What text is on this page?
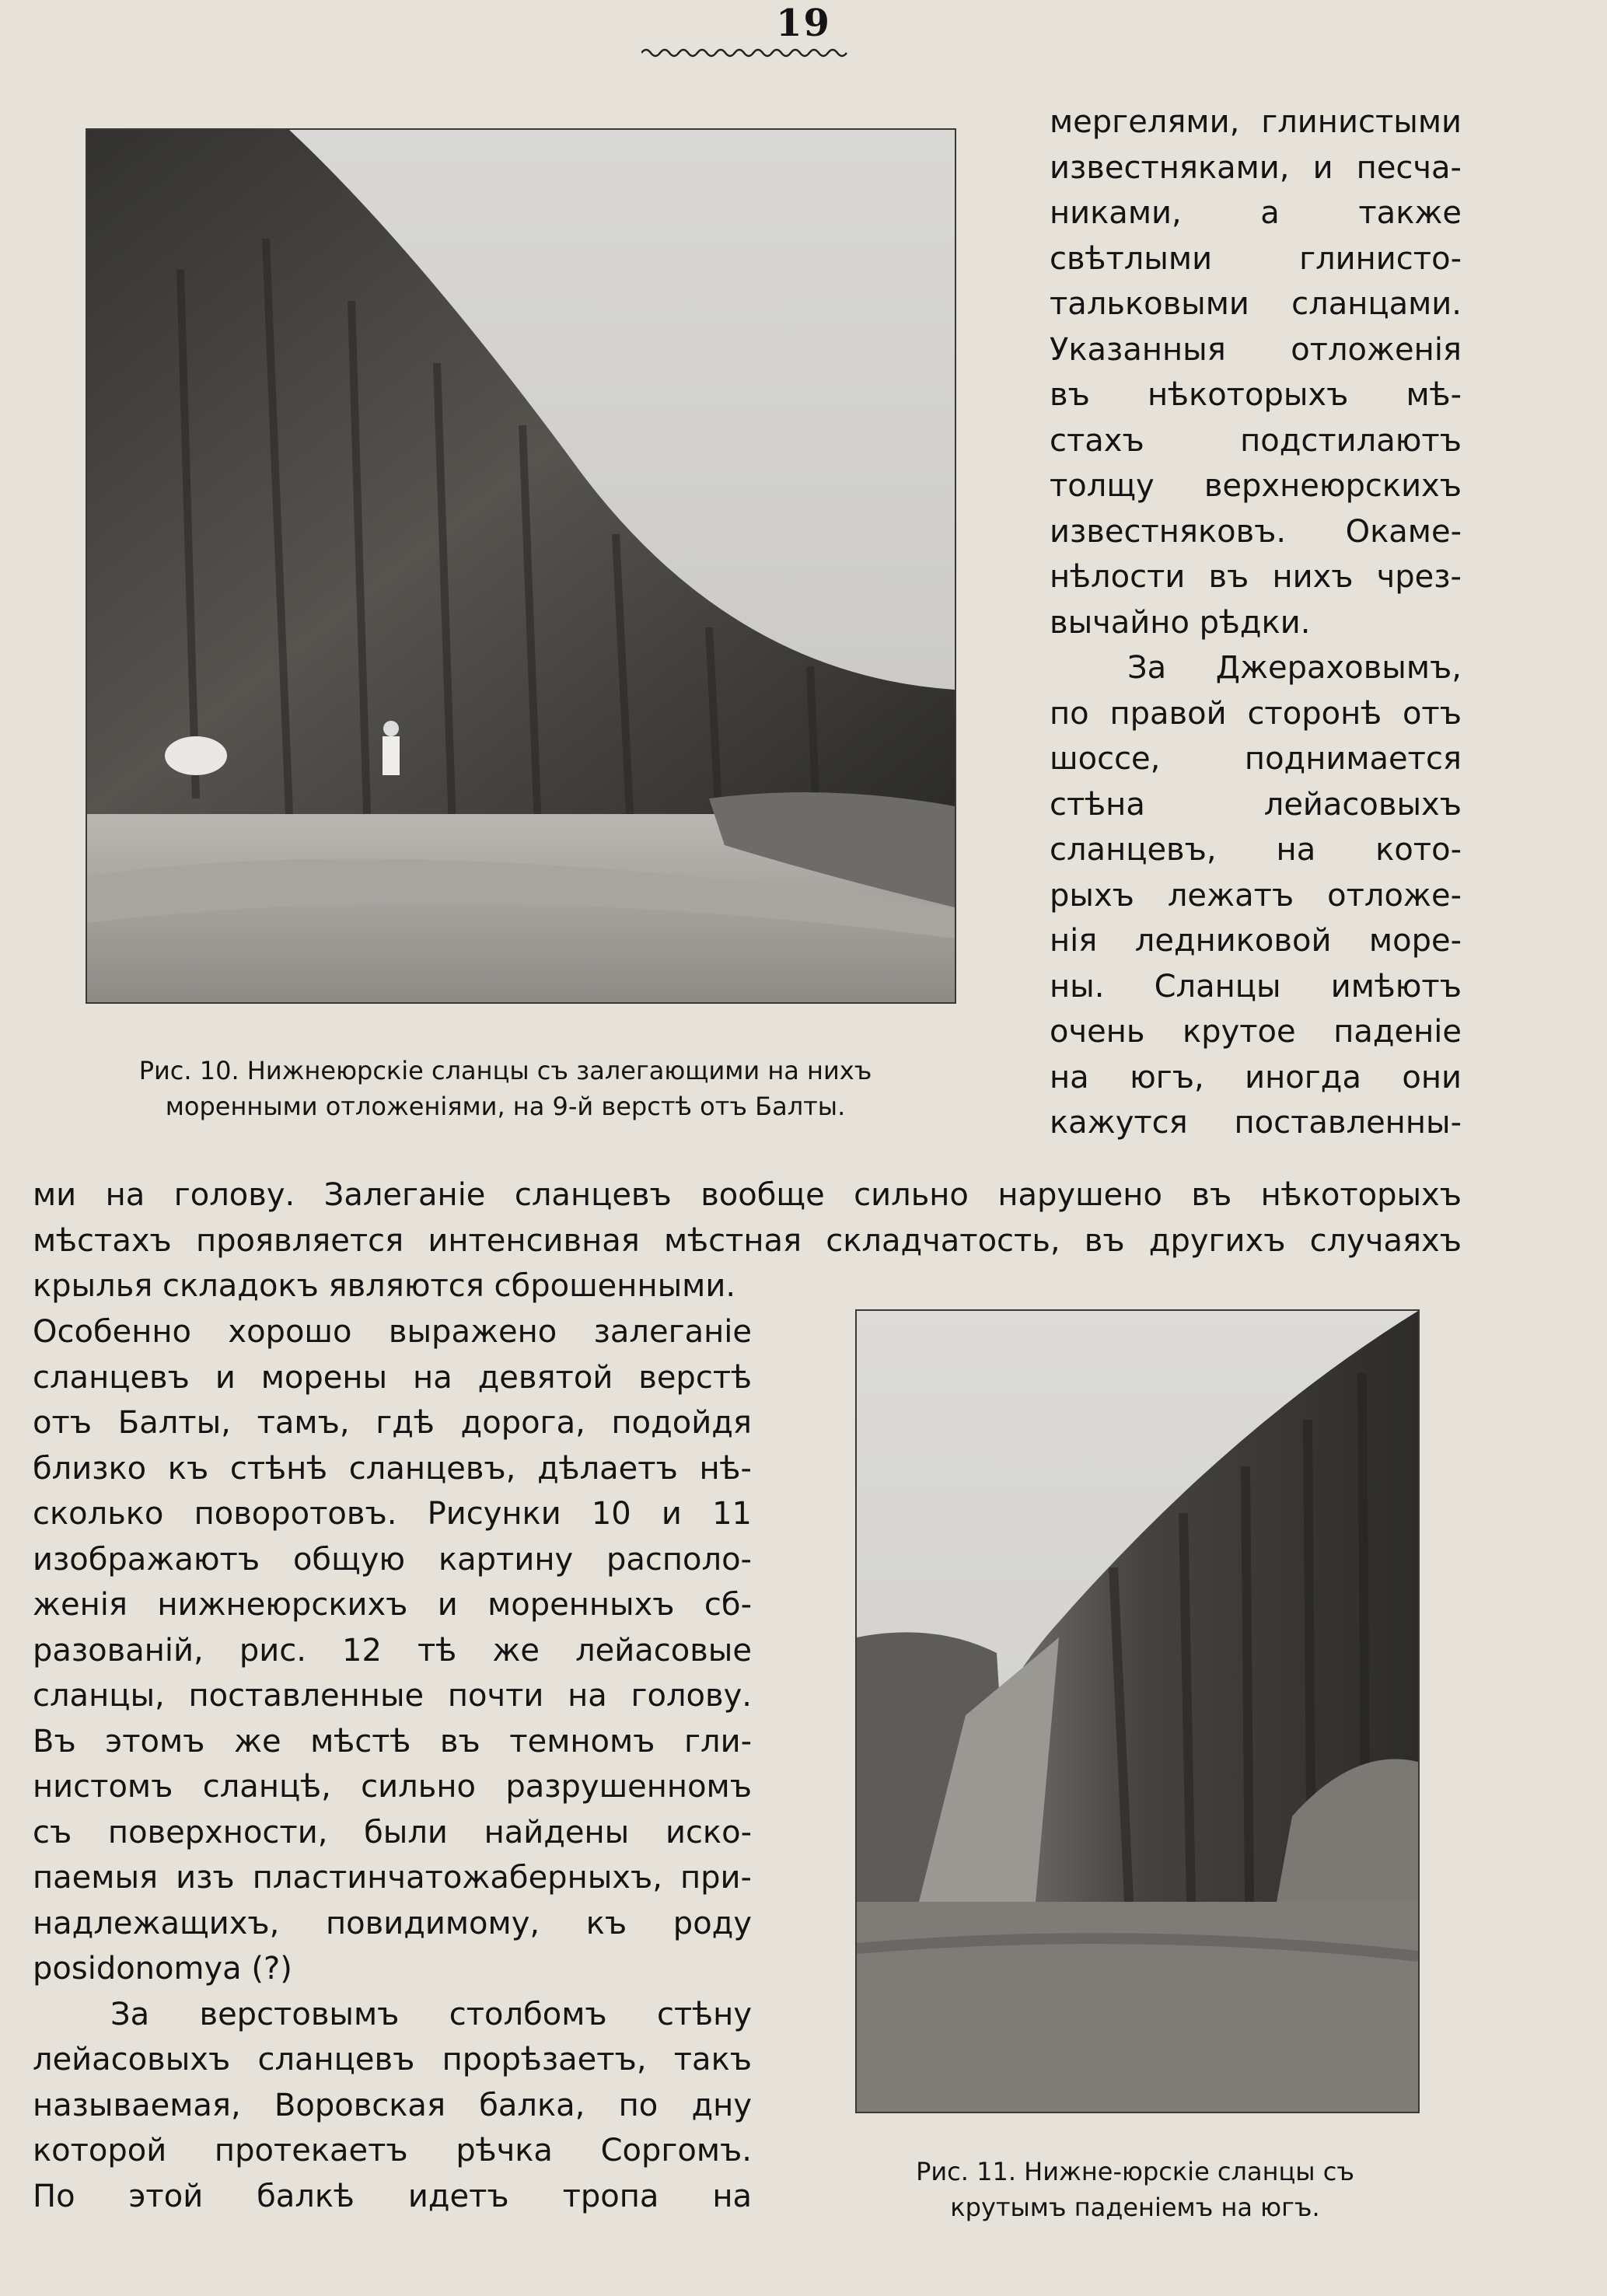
19
Рис. 10. Нижнеюрскіе сланцы съ залегающими на нихъ
моренными отложеніями, на 9-й верстѣ отъ Балты.
мергелями, глинистыми
известняками, и песча-
никами, а также
свѣтлыми глинисто-
тальковыми сланцами.
Указанныя отложенія
въ нѣкоторыхъ мѣ-
стахъ подстилаютъ
толщу верхнеюрскихъ
известняковъ. Окаме-
нѣлости въ нихъ чрез-
вычайно рѣдки.
За Джераховымъ,
по правой сторонѣ отъ
шоссе, поднимается
стѣна лейасовыхъ
сланцевъ, на кото-
рыхъ лежатъ отложе-
нія ледниковой море-
ны. Сланцы имѣютъ
очень крутое паденіе
на югъ, иногда они
кажутся поставленны-
ми на голову. Залеганіе сланцевъ вообще сильно нарушено въ нѣкоторыхъ
мѣстахъ проявляется интенсивная мѣстная складчатость, въ другихъ случаяхъ
крылья складокъ являются сброшенными.
Особенно хорошо выражено залеганіе
сланцевъ и морены на девятой верстѣ
отъ Балты, тамъ, гдѣ дорога, подойдя
близко къ стѣнѣ сланцевъ, дѣлаетъ нѣ-
сколько поворотовъ. Рисунки 10 и 11
изображаютъ общую картину располо-
женія нижнеюрскихъ и моренныхъ сб-
разованій, рис. 12 тѣ же лейасовые
сланцы, поставленные почти на голову.
Въ этомъ же мѣстѣ въ темномъ гли-
нистомъ сланцѣ, сильно разрушенномъ
съ поверхности, были найдены иско-
паемыя изъ пластинчатожаберныхъ, при-
надлежащихъ, повидимому, къ роду
posidonomya (?)
За верстовымъ столбомъ стѣну
лейасовыхъ сланцевъ прорѣзаетъ, такъ
называемая, Воровская балка, по дну
которой протекаетъ рѣчка Соргомъ.
По этой балкѣ идетъ тропа на
Рис. 11. Нижне-юрскіе сланцы съ
крутымъ паденіемъ на югъ.
